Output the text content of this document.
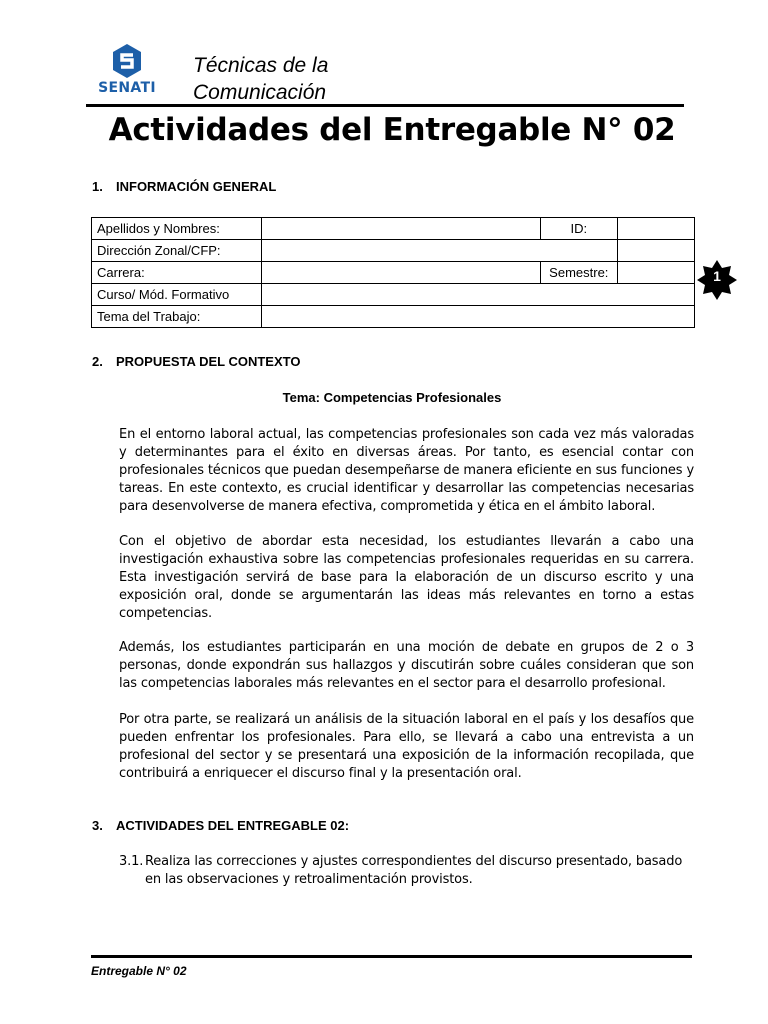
SENATI
Técnicas de la
Comunicación
Actividades del Entregable N° 02
1. INFORMACIÓN GENERAL
Apellidos y Nombres:		ID:	
Dirección Zonal/CFP:			
Carrera:		Semestre:	
Curso/ Mód. Formativo			
Tema del Trabajo:			
1
2. PROPUESTA DEL CONTEXTO
Tema: Competencias Profesionales
En el entorno laboral actual, las competencias profesionales son cada vez más valoradas y determinantes para el éxito en diversas áreas. Por tanto, es esencial contar con profesionales técnicos que puedan desempeñarse de manera eficiente en sus funciones y tareas. En este contexto, es crucial identificar y desarrollar las competencias necesarias para desenvolverse de manera efectiva, comprometida y ética en el ámbito laboral.
Con el objetivo de abordar esta necesidad, los estudiantes llevarán a cabo una investigación exhaustiva sobre las competencias profesionales requeridas en su carrera. Esta investigación servirá de base para la elaboración de un discurso escrito y una exposición oral, donde se argumentarán las ideas más relevantes en torno a estas competencias.
Además, los estudiantes participarán en una moción de debate en grupos de 2 o 3 personas, donde expondrán sus hallazgos y discutirán sobre cuáles consideran que son las competencias laborales más relevantes en el sector para el desarrollo profesional.
Por otra parte, se realizará un análisis de la situación laboral en el país y los desafíos que pueden enfrentar los profesionales. Para ello, se llevará a cabo una entrevista a un profesional del sector y se presentará una exposición de la información recopilada, que contribuirá a enriquecer el discurso final y la presentación oral.
3. ACTIVIDADES DEL ENTREGABLE 02:
3.1. Realiza las correcciones y ajustes correspondientes del discurso presentado, basado en las observaciones y retroalimentación provistos.
Entregable N° 02
